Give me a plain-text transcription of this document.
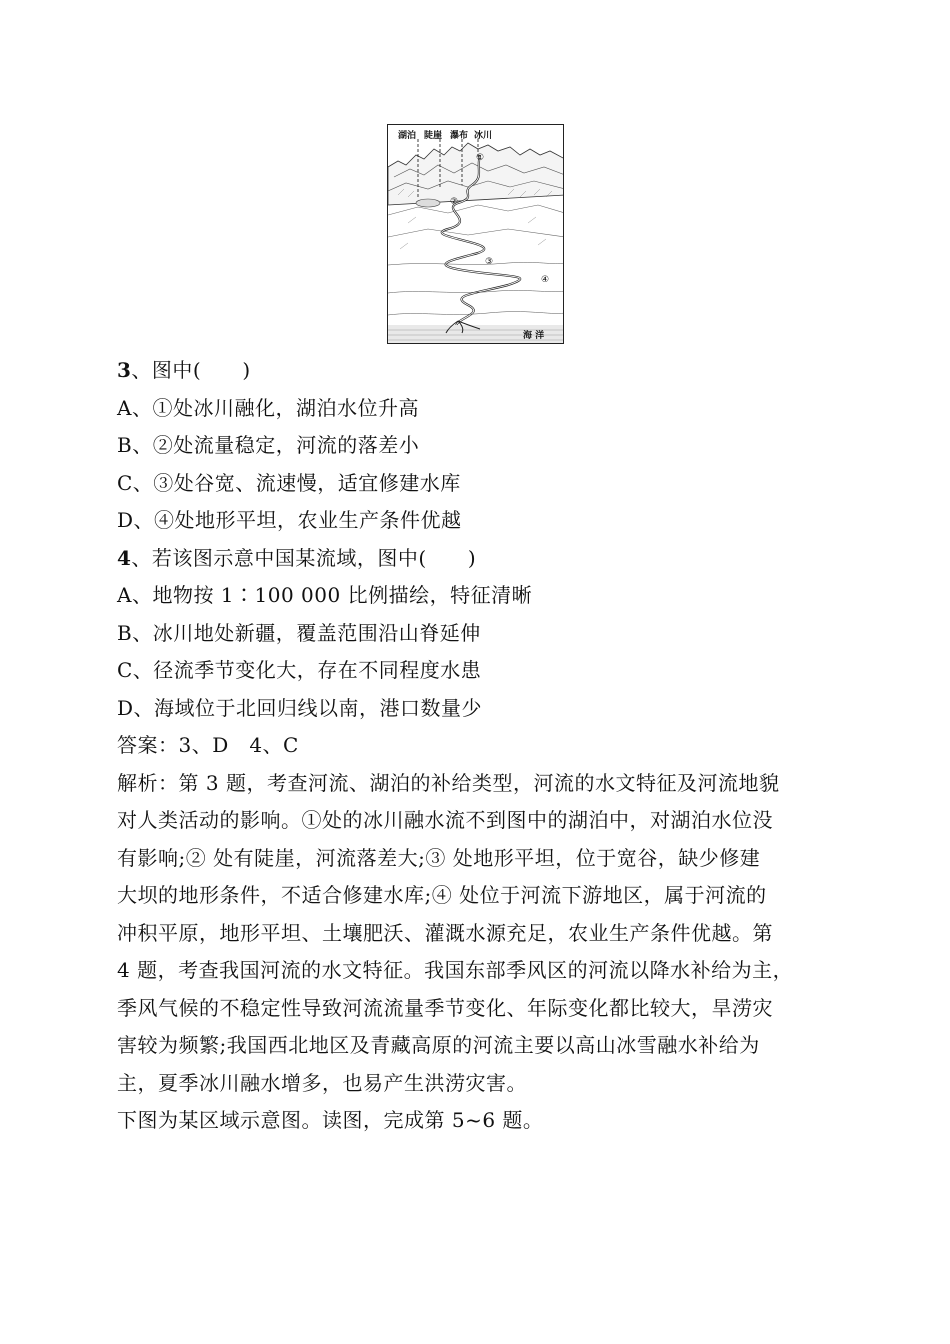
湖泊 陡崖 瀑布 冰川
①
②
③
④
海 洋
3、图中(      )
A、①处冰川融化，湖泊水位升高
B、②处流量稳定，河流的落差小
C、③处谷宽、流速慢，适宜修建水库
D、④处地形平坦，农业生产条件优越
4、若该图示意中国某流域，图中(      )
A、地物按 1∶100 000 比例描绘，特征清晰
B、冰川地处新疆，覆盖范围沿山脊延伸
C、径流季节变化大，存在不同程度水患
D、海域位于北回归线以南，港口数量少
答案：3、D   4、C
解析：第 3 题，考查河流、湖泊的补给类型，河流的水文特征及河流地貌
对人类活动的影响。①处的冰川融水流不到图中的湖泊中，对湖泊水位没
有影响;② 处有陡崖，河流落差大;③ 处地形平坦，位于宽谷，缺少修建
大坝的地形条件，不适合修建水库;④ 处位于河流下游地区，属于河流的
冲积平原，地形平坦、土壤肥沃、灌溉水源充足，农业生产条件优越。第
4 题，考查我国河流的水文特征。我国东部季风区的河流以降水补给为主，
季风气候的不稳定性导致河流流量季节变化、年际变化都比较大，旱涝灾
害较为频繁;我国西北地区及青藏高原的河流主要以高山冰雪融水补给为
主，夏季冰川融水增多，也易产生洪涝灾害。
下图为某区域示意图。读图，完成第 5~6 题。
